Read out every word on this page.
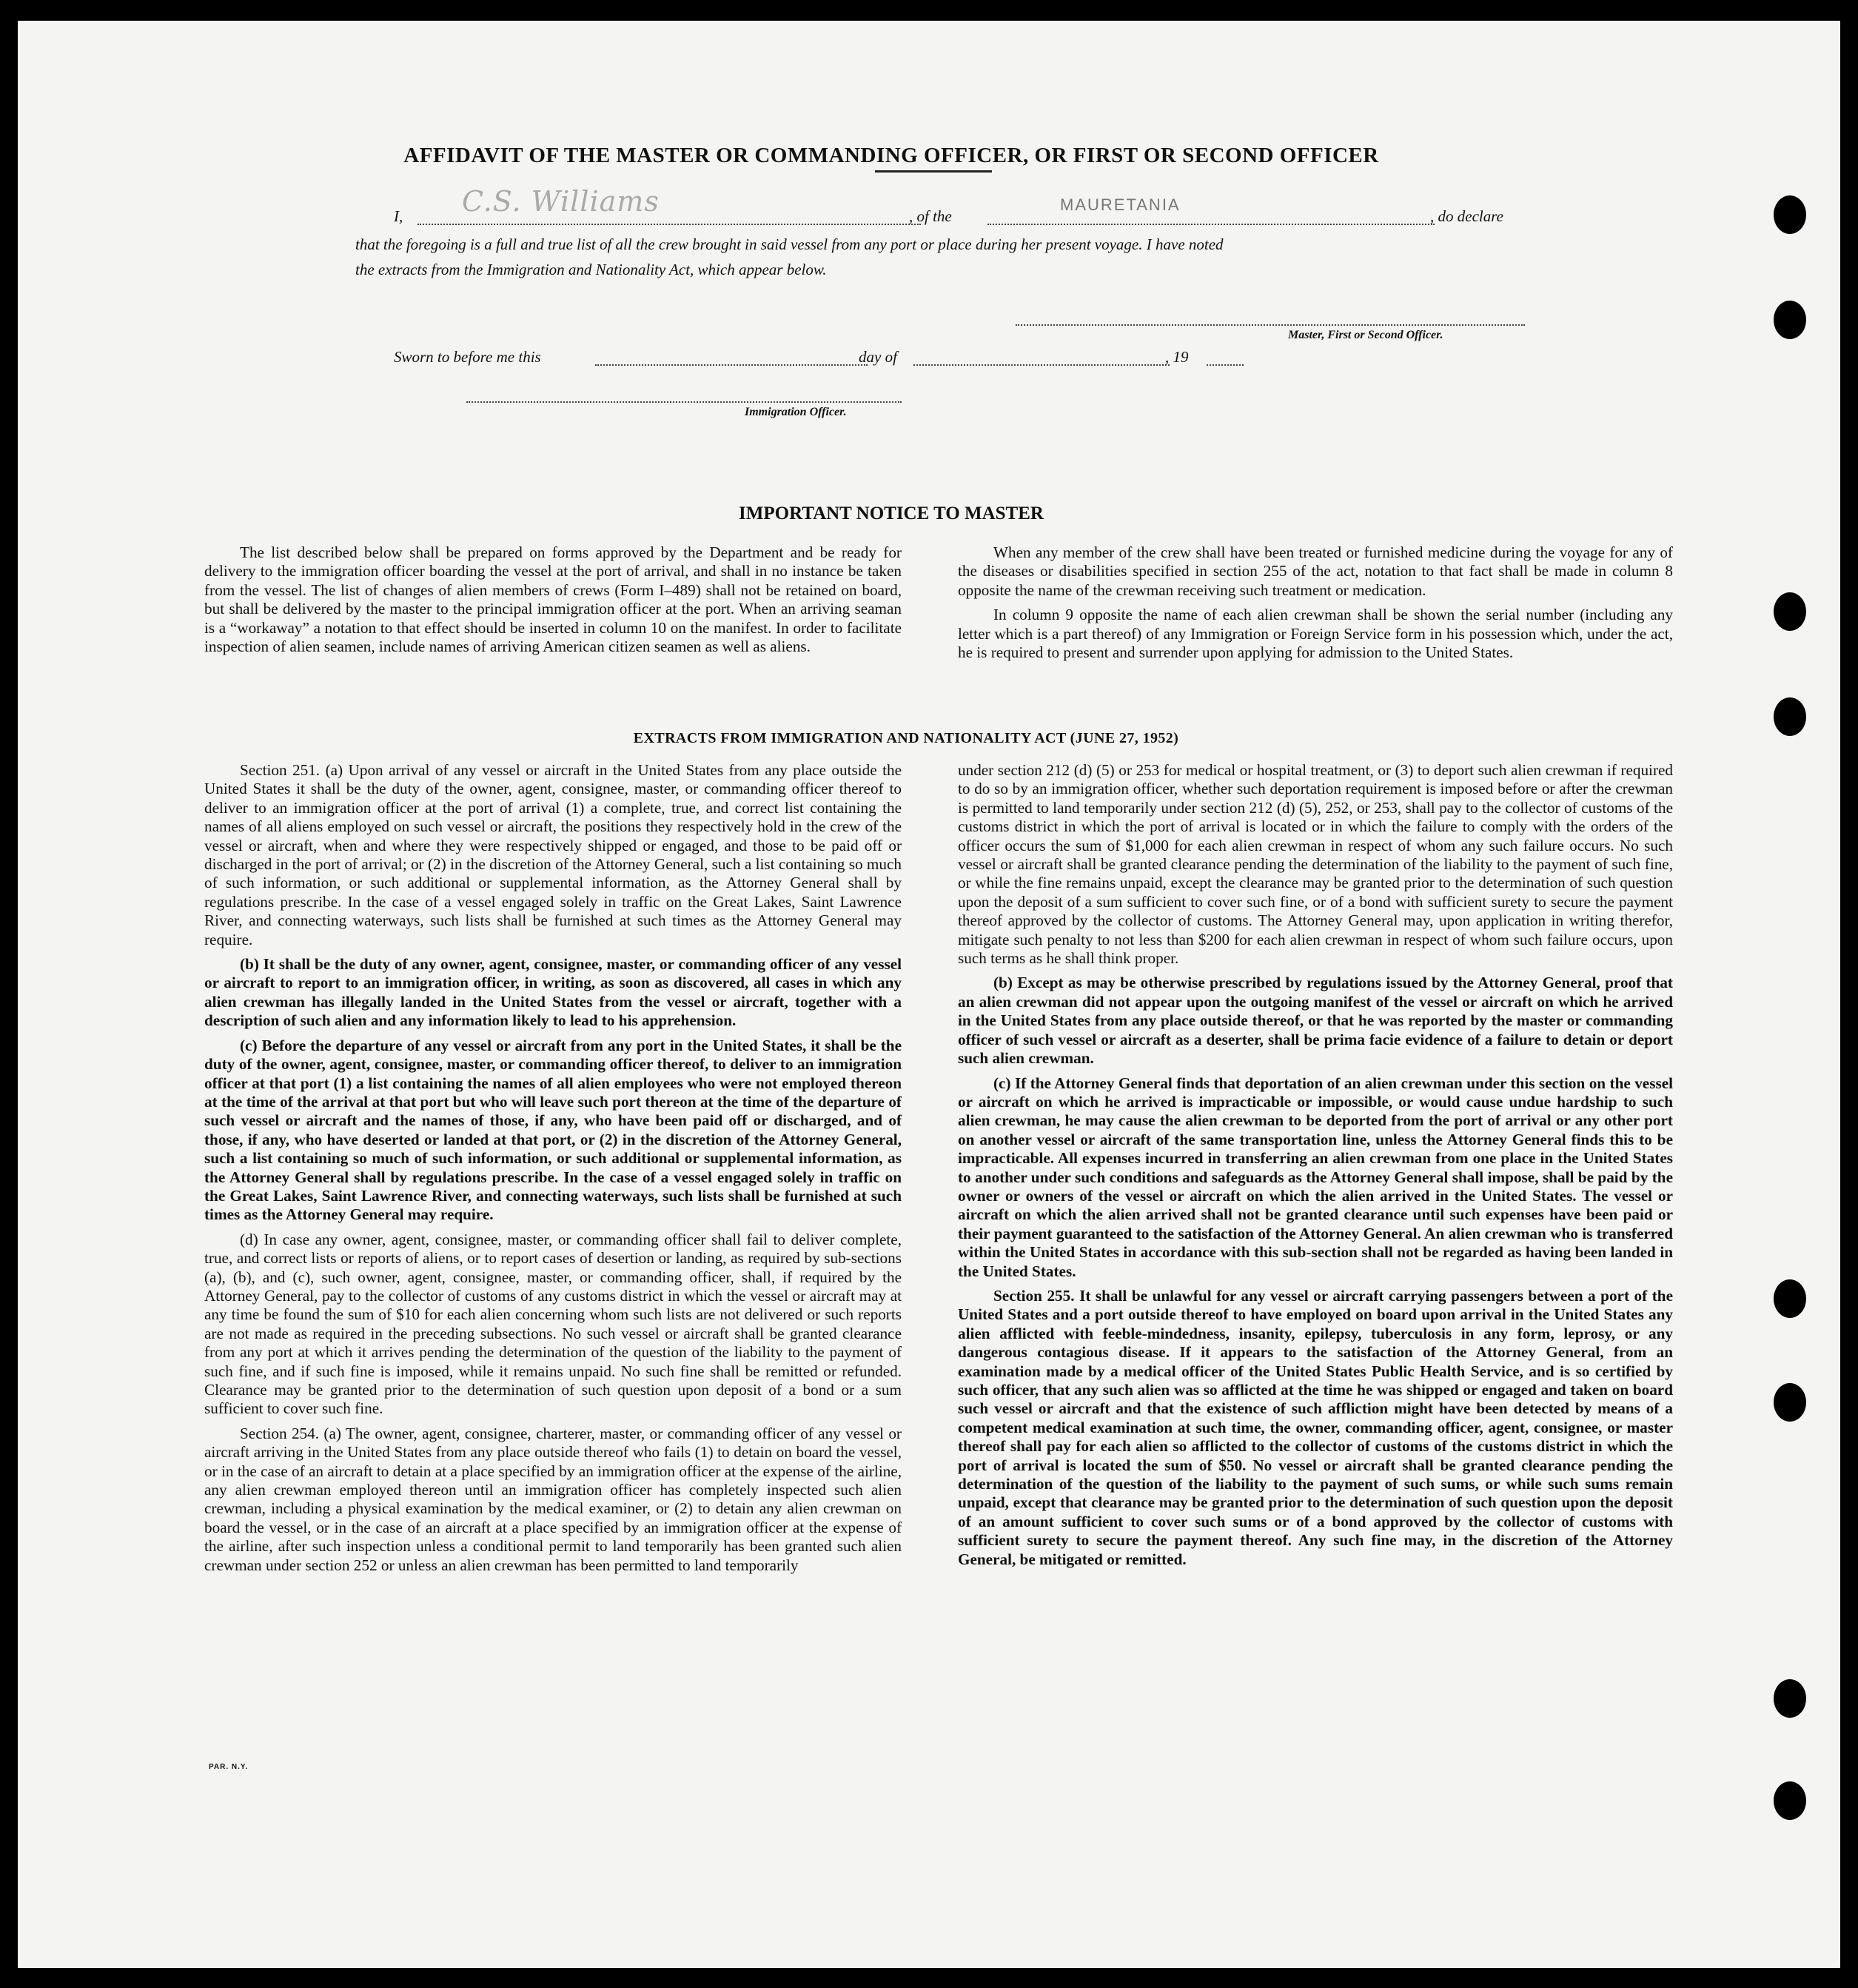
AFFIDAVIT OF THE MASTER OR COMMANDING OFFICER, OR FIRST OR SECOND OFFICER
I, C.S. Williams	, of the
MAURETANIA
, do declare
that the foregoing is a full and true list of all the crew brought in said vessel from any port or place during her present voyage. I have noted
the extracts from the Immigration and Nationality Act, which appear below.
Master, First or Second Officer.
Sworn to before me this	day of	, 19
Immigration Officer.
IMPORTANT NOTICE TO MASTER

The list described below shall be prepared on forms approved by the Department and be ready for delivery to the immigration officer boarding the vessel at the port of arrival, and shall in no instance be taken from the vessel. The list of changes of alien members of crews (Form I–489) shall not be retained on board, but shall be delivered by the master to the principal immigration officer at the port. When an arriving seaman is a “workaway” a notation to that effect should be inserted in column 10 on the manifest. In order to facilitate inspection of alien seamen, include names of arriving American citizen seamen as well as aliens.

When any member of the crew shall have been treated or furnished medicine during the voyage for any of the diseases or disabilities specified in section 255 of the act, notation to that fact shall be made in column 8 opposite the name of the crewman receiving such treatment or medication.

In column 9 opposite the name of each alien crewman shall be shown the serial number (including any letter which is a part thereof) of any Immigration or Foreign Service form in his possession which, under the act, he is required to present and surrender upon applying for admission to the United States.

EXTRACTS FROM IMMIGRATION AND NATIONALITY ACT (JUNE 27, 1952)

Section 251. (a) Upon arrival of any vessel or aircraft in the United States from any place outside the United States it shall be the duty of the owner, agent, consignee, master, or commanding officer thereof to deliver to an immigration officer at the port of arrival (1) a complete, true, and correct list containing the names of all aliens employed on such vessel or aircraft, the positions they respectively hold in the crew of the vessel or aircraft, when and where they were respectively shipped or engaged, and those to be paid off or discharged in the port of arrival; or (2) in the discretion of the Attorney General, such a list containing so much of such information, or such additional or supplemental information, as the Attorney General shall by regulations prescribe. In the case of a vessel engaged solely in traffic on the Great Lakes, Saint Lawrence River, and connecting waterways, such lists shall be furnished at such times as the Attorney General may require.

(b) It shall be the duty of any owner, agent, consignee, master, or commanding officer of any vessel or aircraft to report to an immigration officer, in writing, as soon as discovered, all cases in which any alien crewman has illegally landed in the United States from the vessel or aircraft, together with a description of such alien and any information likely to lead to his apprehension.

(c) Before the departure of any vessel or aircraft from any port in the United States, it shall be the duty of the owner, agent, consignee, master, or commanding officer thereof, to deliver to an immigration officer at that port (1) a list containing the names of all alien employees who were not employed thereon at the time of the arrival at that port but who will leave such port thereon at the time of the departure of such vessel or aircraft and the names of those, if any, who have been paid off or discharged, and of those, if any, who have deserted or landed at that port, or (2) in the discretion of the Attorney General, such a list containing so much of such information, or such additional or supplemental information, as the Attorney General shall by regulations prescribe. In the case of a vessel engaged solely in traffic on the Great Lakes, Saint Lawrence River, and connecting waterways, such lists shall be furnished at such times as the Attorney General may require.

(d) In case any owner, agent, consignee, master, or commanding officer shall fail to deliver complete, true, and correct lists or reports of aliens, or to report cases of desertion or landing, as required by sub-sections (a), (b), and (c), such owner, agent, consignee, master, or commanding officer, shall, if required by the Attorney General, pay to the collector of customs of any customs district in which the vessel or aircraft may at any time be found the sum of $10 for each alien concerning whom such lists are not delivered or such reports are not made as required in the preceding subsections. No such vessel or aircraft shall be granted clearance from any port at which it arrives pending the determination of the question of the liability to the payment of such fine, and if such fine is imposed, while it remains unpaid. No such fine shall be remitted or refunded. Clearance may be granted prior to the determination of such question upon deposit of a bond or a sum sufficient to cover such fine.

Section 254. (a) The owner, agent, consignee, charterer, master, or commanding officer of any vessel or aircraft arriving in the United States from any place outside thereof who fails (1) to detain on board the vessel, or in the case of an aircraft to detain at a place specified by an immigration officer at the expense of the airline, any alien crewman employed thereon until an immigration officer has completely inspected such alien crewman, including a physical examination by the medical examiner, or (2) to detain any alien crewman on board the vessel, or in the case of an aircraft at a place specified by an immigration officer at the expense of the airline, after such inspection unless a conditional permit to land temporarily has been granted such alien crewman under section 252 or unless an alien crewman has been permitted to land temporarily

under section 212 (d) (5) or 253 for medical or hospital treatment, or (3) to deport such alien crewman if required to do so by an immigration officer, whether such deportation requirement is imposed before or after the crewman is permitted to land temporarily under section 212 (d) (5), 252, or 253, shall pay to the collector of customs of the customs district in which the port of arrival is located or in which the failure to comply with the orders of the officer occurs the sum of $1,000 for each alien crewman in respect of whom any such failure occurs. No such vessel or aircraft shall be granted clearance pending the determination of the liability to the payment of such fine, or while the fine remains unpaid, except the clearance may be granted prior to the determination of such question upon the deposit of a sum sufficient to cover such fine, or of a bond with sufficient surety to secure the payment thereof approved by the collector of customs. The Attorney General may, upon application in writing therefor, mitigate such penalty to not less than $200 for each alien crewman in respect of whom such failure occurs, upon such terms as he shall think proper.

(b) Except as may be otherwise prescribed by regulations issued by the Attorney General, proof that an alien crewman did not appear upon the outgoing manifest of the vessel or aircraft on which he arrived in the United States from any place outside thereof, or that he was reported by the master or commanding officer of such vessel or aircraft as a deserter, shall be prima facie evidence of a failure to detain or deport such alien crewman.

(c) If the Attorney General finds that deportation of an alien crewman under this section on the vessel or aircraft on which he arrived is impracticable or impossible, or would cause undue hardship to such alien crewman, he may cause the alien crewman to be deported from the port of arrival or any other port on another vessel or aircraft of the same transportation line, unless the Attorney General finds this to be impracticable. All expenses incurred in transferring an alien crewman from one place in the United States to another under such conditions and safeguards as the Attorney General shall impose, shall be paid by the owner or owners of the vessel or aircraft on which the alien arrived in the United States. The vessel or aircraft on which the alien arrived shall not be granted clearance until such expenses have been paid or their payment guaranteed to the satisfaction of the Attorney General. An alien crewman who is transferred within the United States in accordance with this sub-section shall not be regarded as having been landed in the United States.

Section 255. It shall be unlawful for any vessel or aircraft carrying passengers between a port of the United States and a port outside thereof to have employed on board upon arrival in the United States any alien afflicted with feeble-mindedness, insanity, epilepsy, tuberculosis in any form, leprosy, or any dangerous contagious disease. If it appears to the satisfaction of the Attorney General, from an examination made by a medical officer of the United States Public Health Service, and is so certified by such officer, that any such alien was so afflicted at the time he was shipped or engaged and taken on board such vessel or aircraft and that the existence of such affliction might have been detected by means of a competent medical examination at such time, the owner, commanding officer, agent, consignee, or master thereof shall pay for each alien so afflicted to the collector of customs of the customs district in which the port of arrival is located the sum of $50. No vessel or aircraft shall be granted clearance pending the determination of the question of the liability to the payment of such sums, or while such sums remain unpaid, except that clearance may be granted prior to the determination of such question upon the deposit of an amount sufficient to cover such sums or of a bond approved by the collector of customs with sufficient surety to secure the payment thereof. Any such fine may, in the discretion of the Attorney General, be mitigated or remitted.

PAR. N.Y.
